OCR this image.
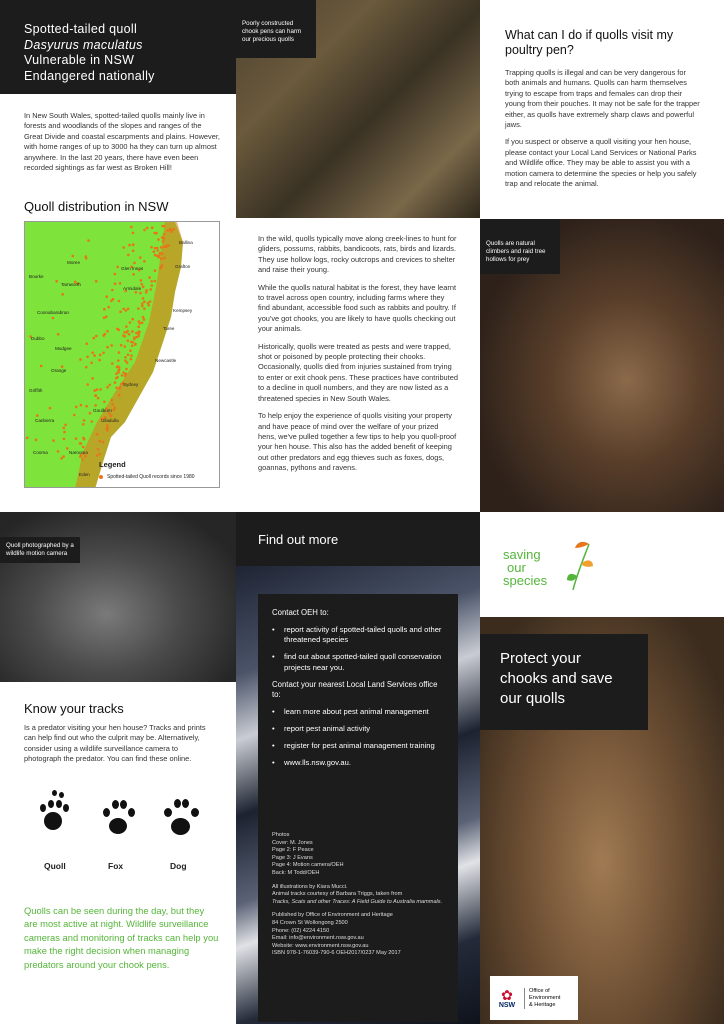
Spotted-tailed quoll
Dasyurus maculatus
Vulnerable in NSW
Endangered nationally
In New South Wales, spotted-tailed quolls mainly live in forests and woodlands of the slopes and ranges of the Great Divide and coastal escarpments and plains. However, with home ranges of up to 3000 ha they can turn up almost anywhere. In the last 20 years, there have even been recorded sightings as far west as Broken Hill!
Quoll distribution in NSW
Legend
Spotted-tailed Quoll records since 1980
Ballina
Moree
Glen Innes	Grafton
Bourke
Armidale
Tamworth
Kempsey
Coonabarabran
Taree
Dubbo
Mudgee
Newcastle
Orange
Sydney
Griffith
Goulburn
Canberra	Ulladulla
Cooma	Narooma
Eden
Quoll photographed by a wildlife motion camera
Know your tracks
Is a predator visiting your hen house? Tracks and prints can help find out who the culprit may be. Alternatively, consider using a wildlife surveillance camera to photograph the predator. You can find these online.
Quoll	Fox	Dog
Quolls can be seen during the day, but they are most active at night. Wildlife surveillance cameras and monitoring of tracks can help you make the right decision when managing predators around your chook pens.
Poorly constructed chook pens can harm our precious quolls

In the wild, quolls typically move along creek-lines to hunt for gliders, possums, rabbits, bandicoots, rats, birds and lizards. They use hollow logs, rocky outcrops and crevices to shelter and raise their young.

While the quolls natural habitat is the forest, they have learnt to travel across open country, including farms where they find abundant, accessible food such as rabbits and poultry. If you've got chooks, you are likely to have quolls checking out your animals.

Historically, quolls were treated as pests and were trapped, shot or poisoned by people protecting their chooks. Occasionally, quolls died from injuries sustained from trying to enter or exit chook pens. These practices have contributed to a decline in quoll numbers, and they are now listed as a threatened species in New South Wales.

To help enjoy the experience of quolls visiting your property and have peace of mind over the welfare of your prized hens, we've pulled together a few tips to help you quoll-proof your hen house. This also has the added benefit of keeping out other predators and egg thieves such as foxes, dogs, goannas, pythons and ravens.

Find out more
Contact OEH to:
• report activity of spotted-tailed quolls and other threatened species
• find out about spotted-tailed quoll conservation projects near you.
Contact your nearest Local Land Services office to:
• learn more about pest animal management
• report pest animal activity
• register for pest animal management training
• www.lls.nsw.gov.au.
Photos
Cover: M. Jones
Page 2: F Peace
Page 3: J Evans
Page 4: Motion camera/OEH
Back: M Todd/OEH
All illustrations by Kiara Mucci.
Animal tracks courtesy of Barbara Triggs, taken from
Tracks, Scats and other Traces: A Field Guide to Australia mammals.
Published by Office of Environment and Heritage
84 Crown St Wollongong 2500
Phone: (02) 4224 4150
Email: info@environment.nsw.gov.au
Website: www.environment.nsw.gov.au
ISBN 978-1-76039-790-6 OEH2017/0237 May 2017
What can I do if quolls visit my poultry pen?

Trapping quolls is illegal and can be very dangerous for both animals and humans. Quolls can harm themselves trying to escape from traps and females can drop their young from their pouches. It may not be safe for the trapper either, as quolls have extremely sharp claws and powerful jaws.

If you suspect or observe a quoll visiting your hen house, please contact your Local Land Services or National Parks and Wildlife office. They may be able to assist you with a motion camera to determine the species or help you safely trap and relocate the animal.

Quolls are natural climbers and raid tree hollows for prey
saving
our
species
Protect your chooks and save our quolls
✿
NSW
Office of
Environment
& Heritage
